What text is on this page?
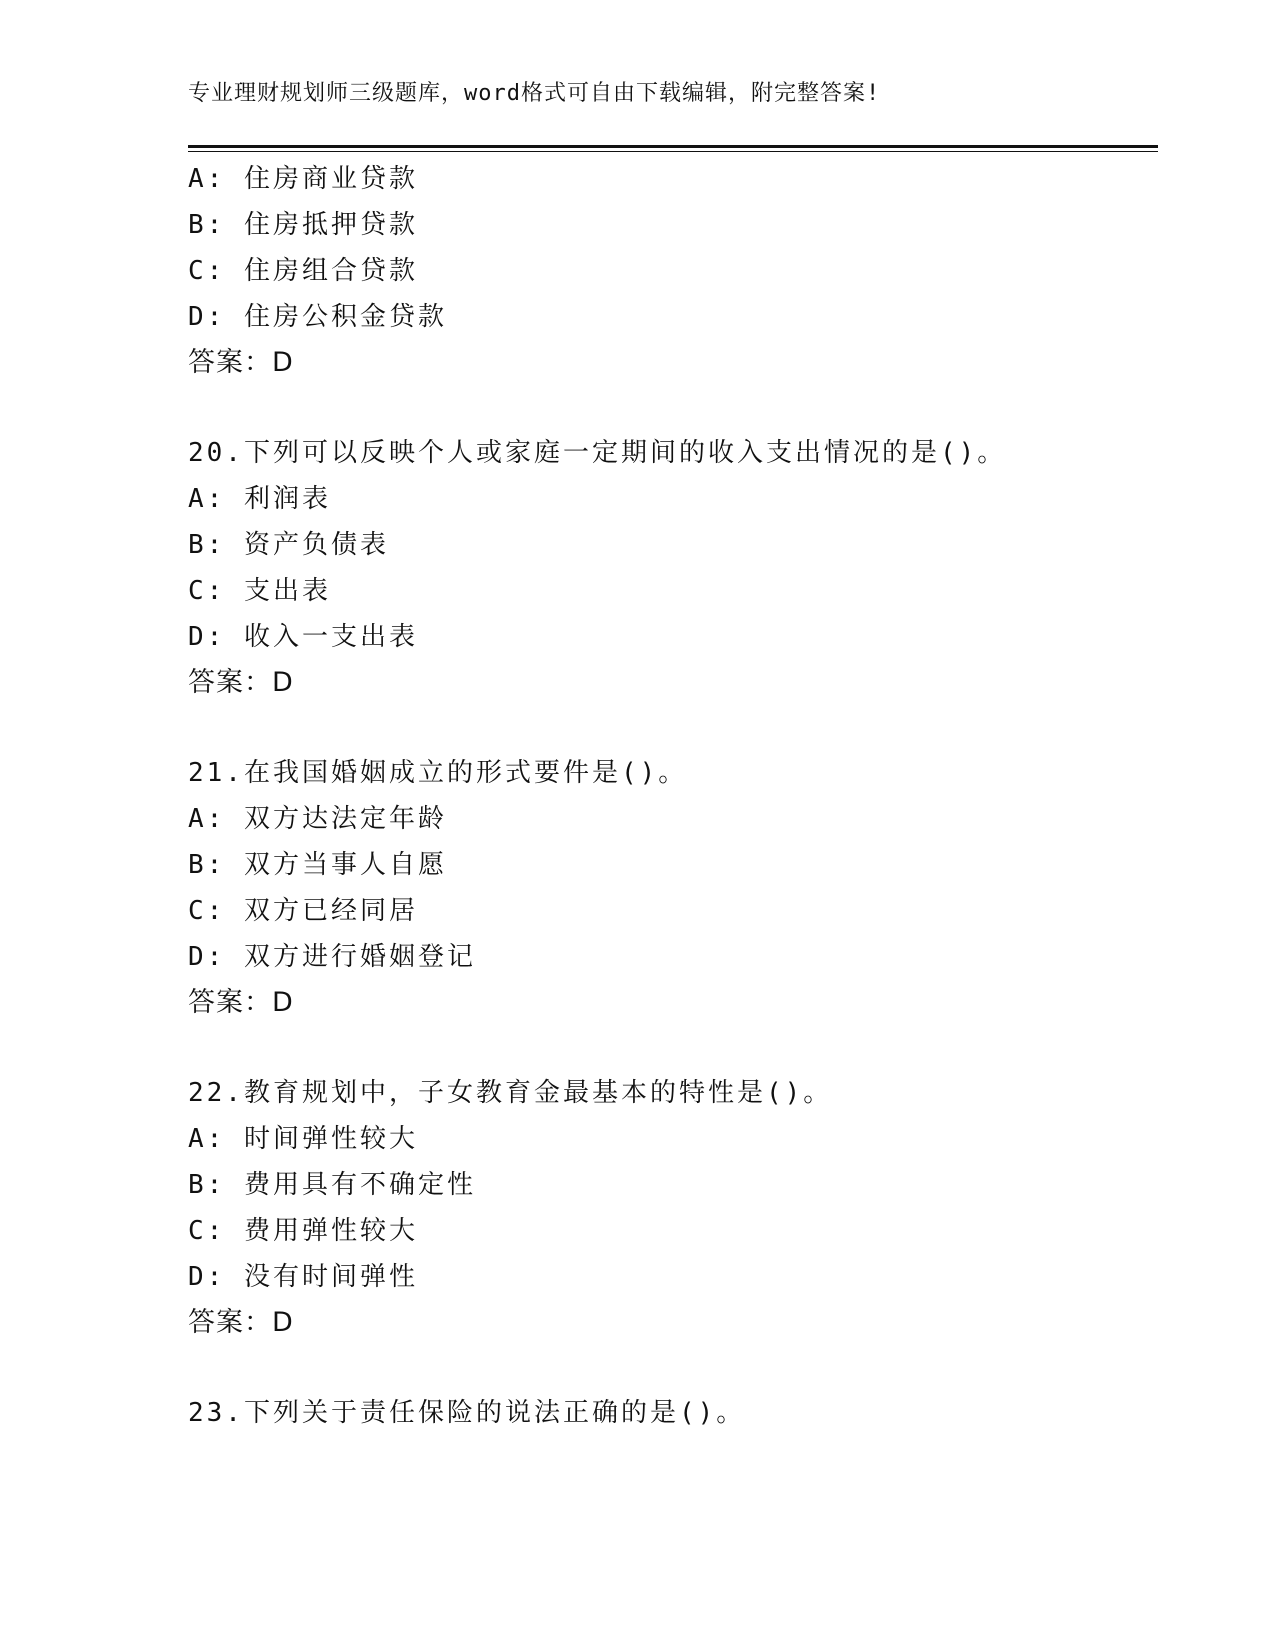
专业理财规划师三级题库，word格式可自由下载编辑，附完整答案!
A: 住房商业贷款
B: 住房抵押贷款
C: 住房组合贷款
D: 住房公积金贷款
答案：D
20.下列可以反映个人或家庭一定期间的收入支出情况的是()。
A: 利润表
B: 资产负债表
C: 支出表
D: 收入一支出表
答案：D
21.在我国婚姻成立的形式要件是()。
A: 双方达法定年龄
B: 双方当事人自愿
C: 双方已经同居
D: 双方进行婚姻登记
答案：D
22.教育规划中，子女教育金最基本的特性是()。
A: 时间弹性较大
B: 费用具有不确定性
C: 费用弹性较大
D: 没有时间弹性
答案：D
23.下列关于责任保险的说法正确的是()。
